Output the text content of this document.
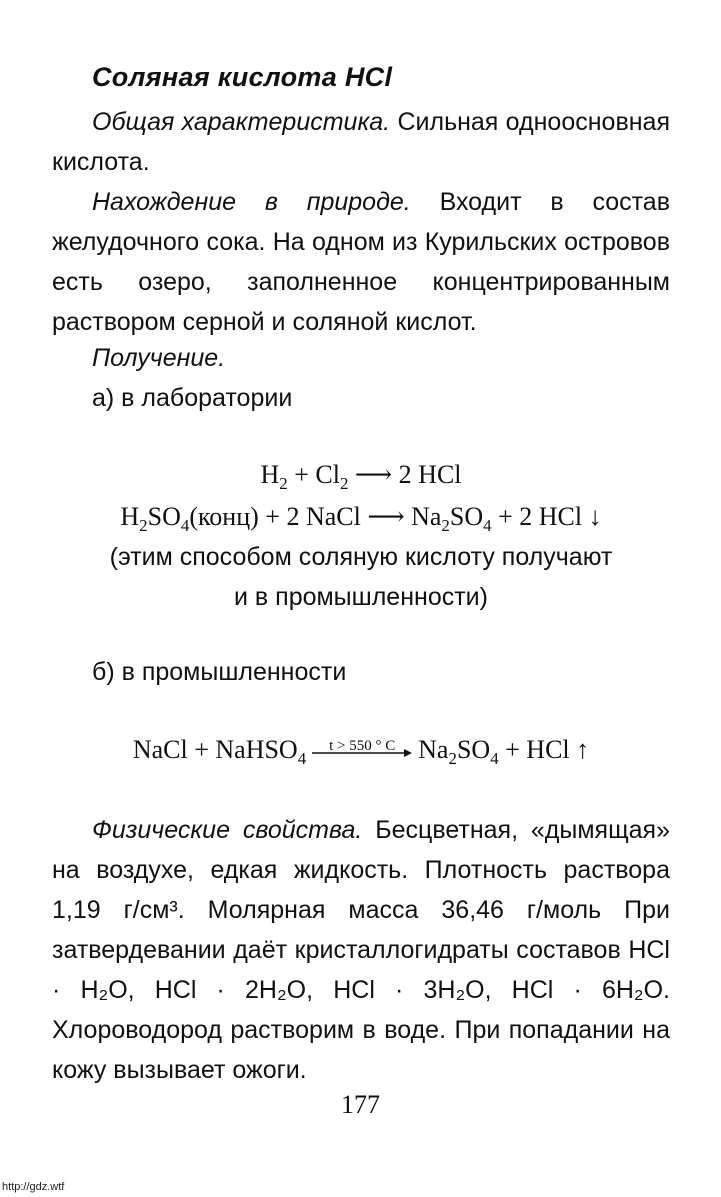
Соляная кислота HCl
Общая характеристика. Сильная одноосновная кислота.
Нахождение в природе. Входит в состав желудочного сока. На одном из Курильских островов есть озеро, заполненное концентрированным раствором серной и соляной кислот.
Получение.
а) в лаборатории
$H_2 + Cl_2$ ⟶ 2 HCl
$H_2SO_4(конц) + 2$ NaCl ⟶ $Na_2SO_4 + 2$ HCl ↓
(этим способом соляную кислоту получают
и в промышленности)
б) в промышленности
NaCl + NaHSO$_4$
t > 550 ° C $Na_2SO_4$ + HCl ↑
Физические свойства. Бесцветная, «дымящая» на воздухе, едкая жидкость. Плотность раствора 1,19 г/см³. Молярная масса 36,46 г/моль При затвердевании даёт кристаллогидраты составов HCl · H₂O, HCl · 2H₂O, HCl · 3H₂O, HCl · 6H₂O. Хлороводород растворим в воде. При попадании на кожу вызывает ожоги.
177
http://gdz.wtf
